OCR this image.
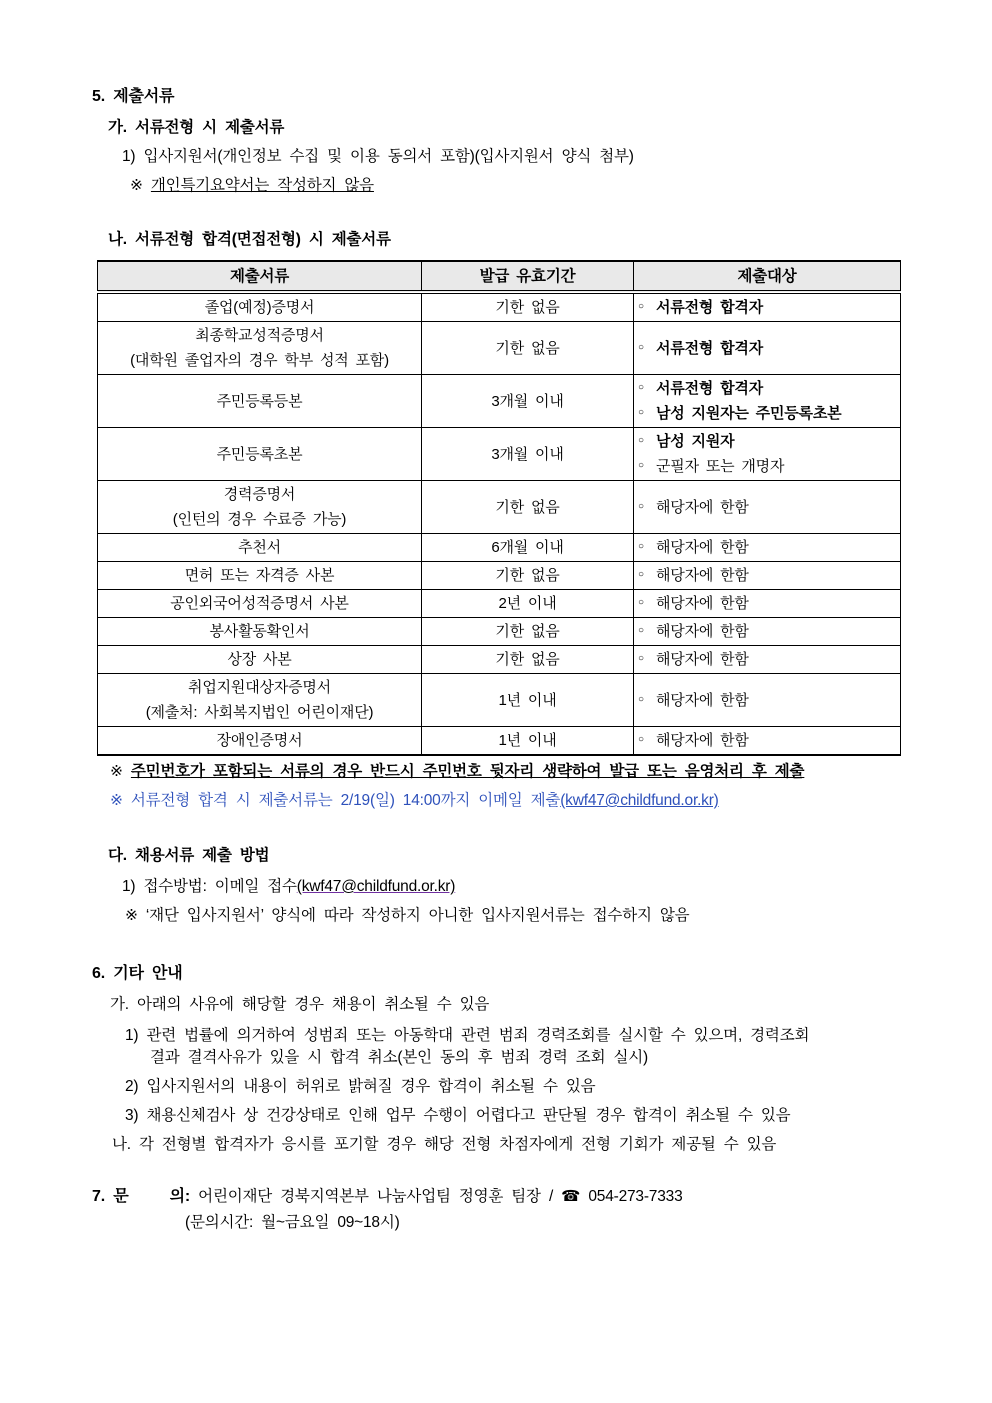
5. 제출서류
가. 서류전형 시 제출서류
1) 입사지원서(개인정보 수집 및 이용 동의서 포함)(입사지원서 양식 첨부)
※ 개인특기요약서는 작성하지 않음
나. 서류전형 합격(면접전형) 시 제출서류
제출서류	발급 유효기간	제출대상
졸업(예정)증명서	기한 없음	○ 서류전형 합격자

최종학교성적증명서
(대학원 졸업자의 경우 학부 성적 포함)
	기한 없음	○ 서류전형 합격자

주민등록등본	3개월 이내	○ 서류전형 합격자
○ 남성 지원자는 주민등록초본

주민등록초본	3개월 이내	○ 남성 지원자
○ 군필자 또는 개명자

경력증명서
(인턴의 경우 수료증 가능)
	기한 없음	○ 해당자에 한함

추천서	6개월 이내	○ 해당자에 한함

면허 또는 자격증 사본	기한 없음	○ 해당자에 한함

공인외국어성적증명서 사본	2년 이내	○ 해당자에 한함

봉사활동확인서	기한 없음	○ 해당자에 한함

상장 사본	기한 없음	○ 해당자에 한함

취업지원대상자증명서
(제출처: 사회복지법인 어린이재단)
	1년 이내	○ 해당자에 한함

장애인증명서	1년 이내	○ 해당자에 한함
※ 주민번호가 포함되는 서류의 경우 반드시 주민번호 뒷자리 생략하여 발급 또는 음영처리 후 제출
※ 서류전형 합격 시 제출서류는 2/19(일) 14:00까지 이메일 제출(kwf47@childfund.or.kr)
다. 채용서류 제출 방법
1) 접수방법: 이메일 접수(kwf47@childfund.or.kr)
※ ‘재단 입사지원서’ 양식에 따라 작성하지 아니한 입사지원서류는 접수하지 않음
6. 기타 안내
가. 아래의 사유에 해당할 경우 채용이 취소될 수 있음
1) 관련 법률에 의거하여 성범죄 또는 아동학대 관련 범죄 경력조회를 실시할 수 있으며, 경력조회
결과 결격사유가 있을 시 합격 취소(본인 동의 후 범죄 경력 조회 실시)
2) 입사지원서의 내용이 허위로 밝혀질 경우 합격이 취소될 수 있음
3) 채용신체검사 상 건강상태로 인해 업무 수행이 어렵다고 판단될 경우 합격이 취소될 수 있음
나. 각 전형별 합격자가 응시를 포기할 경우 해당 전형 차점자에게 전형 기회가 제공될 수 있음
7. 문     의: 어린이재단 경북지역본부 나눔사업팀 정영훈 팀장 / ☎ 054-273-7333
(문의시간: 월~금요일 09~18시)
